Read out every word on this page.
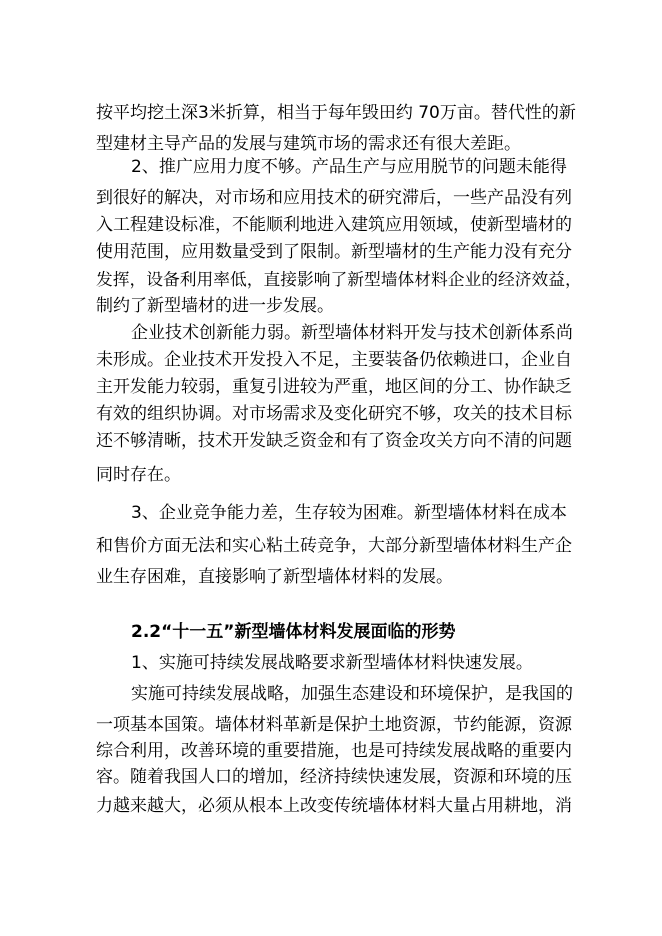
按平均挖土深3米折算，相当于每年毁田约 70万亩。替代性的新
型建材主导产品的发展与建筑市场的需求还有很大差距。
2、推广应用力度不够。产品生产与应用脱节的问题未能得
到很好的解决，对市场和应用技术的研究滞后，一些产品没有列
入工程建设标准，不能顺利地进入建筑应用领域，使新型墙材的
使用范围，应用数量受到了限制。新型墙材的生产能力没有充分
发挥，设备利用率低，直接影响了新型墙体材料企业的经济效益，
制约了新型墙材的进一步发展。
企业技术创新能力弱。新型墙体材料开发与技术创新体系尚
未形成。企业技术开发投入不足，主要装备仍依赖进口，企业自
主开发能力较弱，重复引进较为严重，地区间的分工、协作缺乏
有效的组织协调。对市场需求及变化研究不够，攻关的技术目标
还不够清晰，技术开发缺乏资金和有了资金攻关方向不清的问题
同时存在。
3、企业竞争能力差，生存较为困难。新型墙体材料在成本
和售价方面无法和实心粘土砖竞争，大部分新型墙体材料生产企
业生存困难，直接影响了新型墙体材料的发展。
2.2“十一五”新型墙体材料发展面临的形势
1、实施可持续发展战略要求新型墙体材料快速发展。
实施可持续发展战略，加强生态建设和环境保护，是我国的
一项基本国策。墙体材料革新是保护土地资源，节约能源，资源
综合利用，改善环境的重要措施，也是可持续发展战略的重要内
容。随着我国人口的增加，经济持续快速发展，资源和环境的压
力越来越大，必须从根本上改变传统墙体材料大量占用耕地，消
